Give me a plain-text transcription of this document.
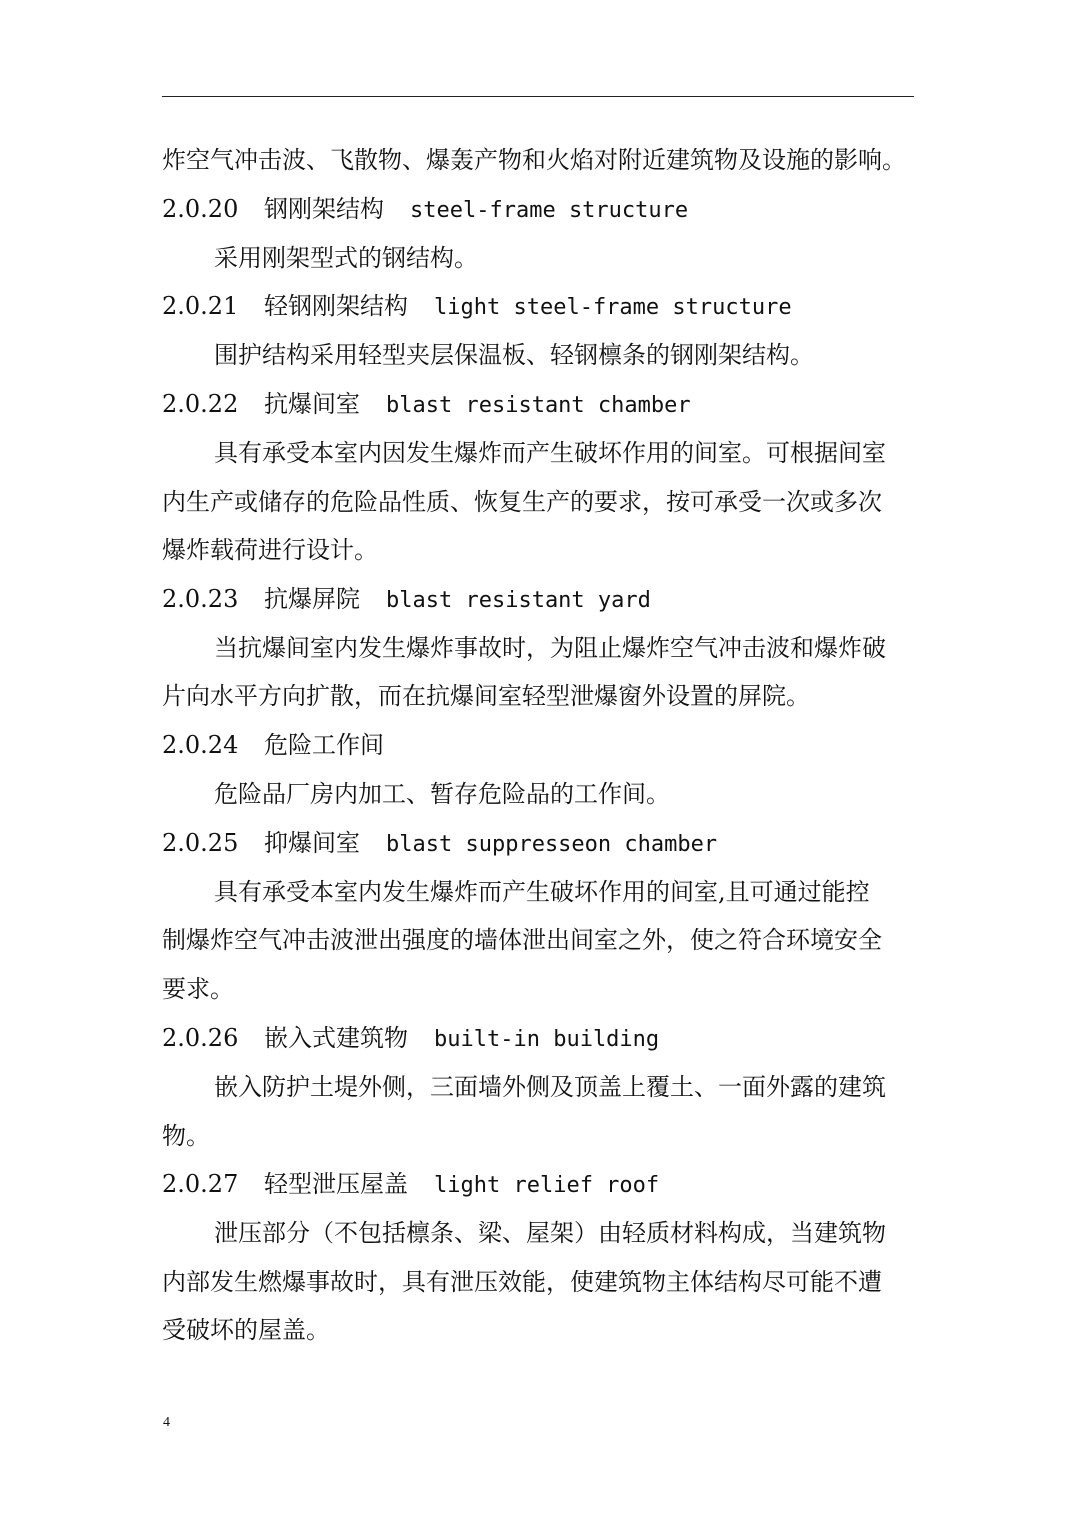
炸空气冲击波、飞散物、爆轰产物和火焰对附近建筑物及设施的影响。
2.0.20 钢刚架结构 steel-frame structure
采用刚架型式的钢结构。
2.0.21 轻钢刚架结构 light steel-frame structure
围护结构采用轻型夹层保温板、轻钢檩条的钢刚架结构。
2.0.22 抗爆间室 blast resistant chamber
具有承受本室内因发生爆炸而产生破坏作用的间室。可根据间室
内生产或储存的危险品性质、恢复生产的要求，按可承受一次或多次
爆炸载荷进行设计。
2.0.23 抗爆屏院 blast resistant yard
当抗爆间室内发生爆炸事故时，为阻止爆炸空气冲击波和爆炸破
片向水平方向扩散，而在抗爆间室轻型泄爆窗外设置的屏院。
2.0.24 危险工作间
危险品厂房内加工、暂存危险品的工作间。
2.0.25 抑爆间室 blast suppresseon chamber
具有承受本室内发生爆炸而产生破坏作用的间室,且可通过能控
制爆炸空气冲击波泄出强度的墙体泄出间室之外，使之符合环境安全
要求。
2.0.26 嵌入式建筑物 built-in building
嵌入防护土堤外侧，三面墙外侧及顶盖上覆土、一面外露的建筑
物。
2.0.27 轻型泄压屋盖 light relief roof
泄压部分（不包括檩条、梁、屋架）由轻质材料构成，当建筑物
内部发生燃爆事故时，具有泄压效能，使建筑物主体结构尽可能不遭
受破坏的屋盖。
4
